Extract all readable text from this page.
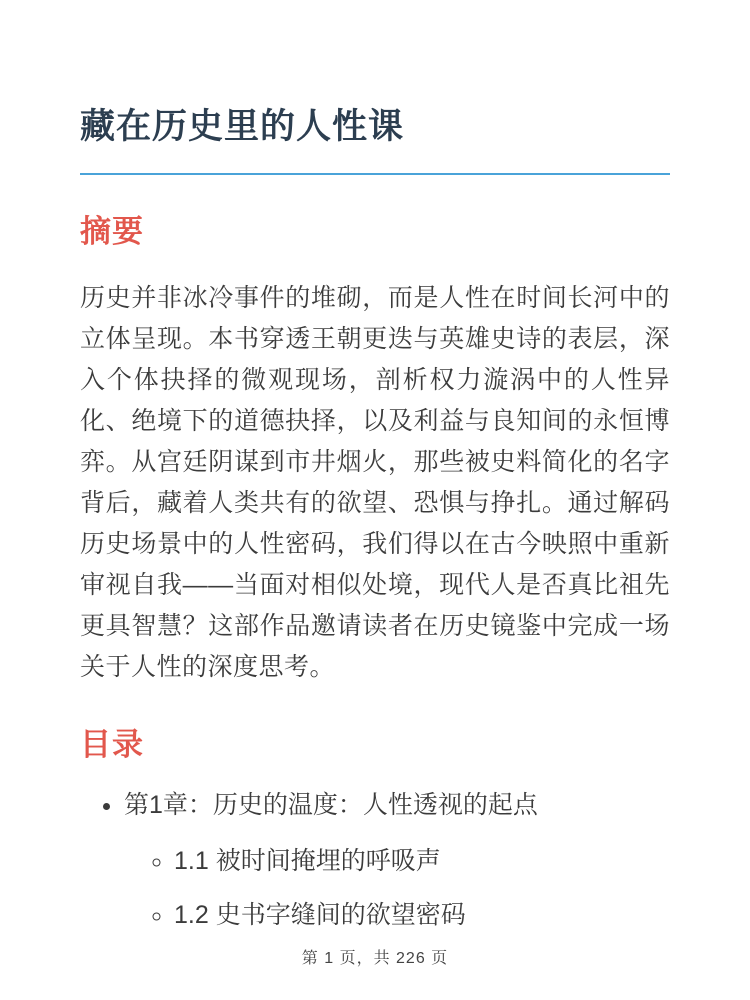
藏在历史里的人性课
摘要

历史并非冰冷事件的堆砌，而是人性在时间长河中的立体呈现。本书穿透王朝更迭与英雄史诗的表层，深入个体抉择的微观现场，剖析权力漩涡中的人性异化、绝境下的道德抉择，以及利益与良知间的永恒博弈。从宫廷阴谋到市井烟火，那些被史料简化的名字背后，藏着人类共有的欲望、恐惧与挣扎。通过解码历史场景中的人性密码，我们得以在古今映照中重新审视自我——当面对相似处境，现代人是否真比祖先更具智慧？这部作品邀请读者在历史镜鉴中完成一场关于人性的深度思考。

目录
• 第1章：历史的温度：人性透视的起点
◦ 1.1 被时间掩埋的呼吸声
◦ 1.2 史书字缝间的欲望密码
第 1 页，共 226 页
